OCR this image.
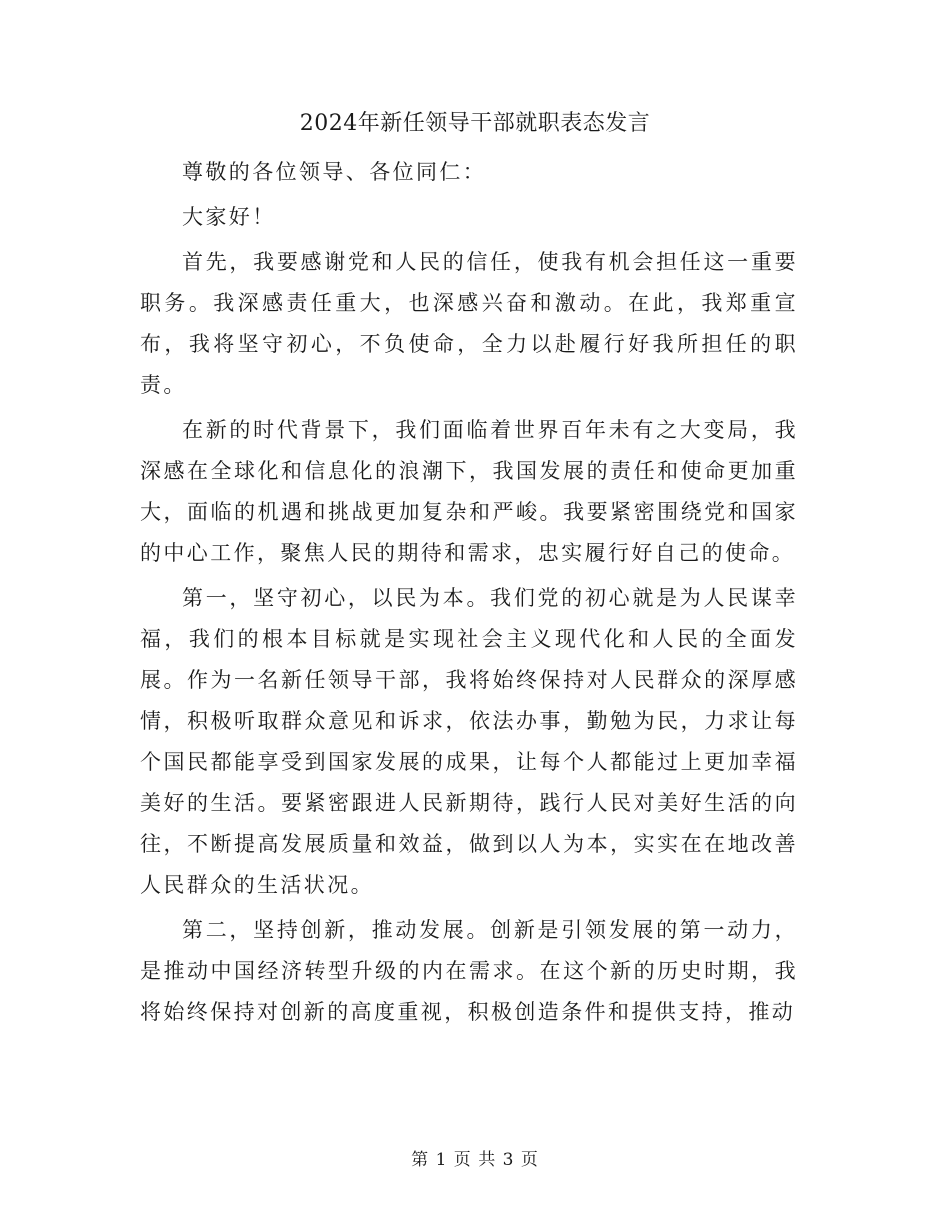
2024年新任领导干部就职表态发言

尊敬的各位领导、各位同仁：

大家好！

首先，我要感谢党和人民的信任，使我有机会担任这一重要职务。我深感责任重大，也深感兴奋和激动。在此，我郑重宣布，我将坚守初心，不负使命，全力以赴履行好我所担任的职责。

在新的时代背景下，我们面临着世界百年未有之大变局，我深感在全球化和信息化的浪潮下，我国发展的责任和使命更加重大，面临的机遇和挑战更加复杂和严峻。我要紧密围绕党和国家的中心工作，聚焦人民的期待和需求，忠实履行好自己的使命。

第一，坚守初心，以民为本。我们党的初心就是为人民谋幸福，我们的根本目标就是实现社会主义现代化和人民的全面发展。作为一名新任领导干部，我将始终保持对人民群众的深厚感情，积极听取群众意见和诉求，依法办事，勤勉为民，力求让每个国民都能享受到国家发展的成果，让每个人都能过上更加幸福美好的生活。要紧密跟进人民新期待，践行人民对美好生活的向往，不断提高发展质量和效益，做到以人为本，实实在在地改善人民群众的生活状况。

第二，坚持创新，推动发展。创新是引领发展的第一动力，是推动中国经济转型升级的内在需求。在这个新的历史时期，我将始终保持对创新的高度重视，积极创造条件和提供支持，推动

第 1 页 共 3 页
